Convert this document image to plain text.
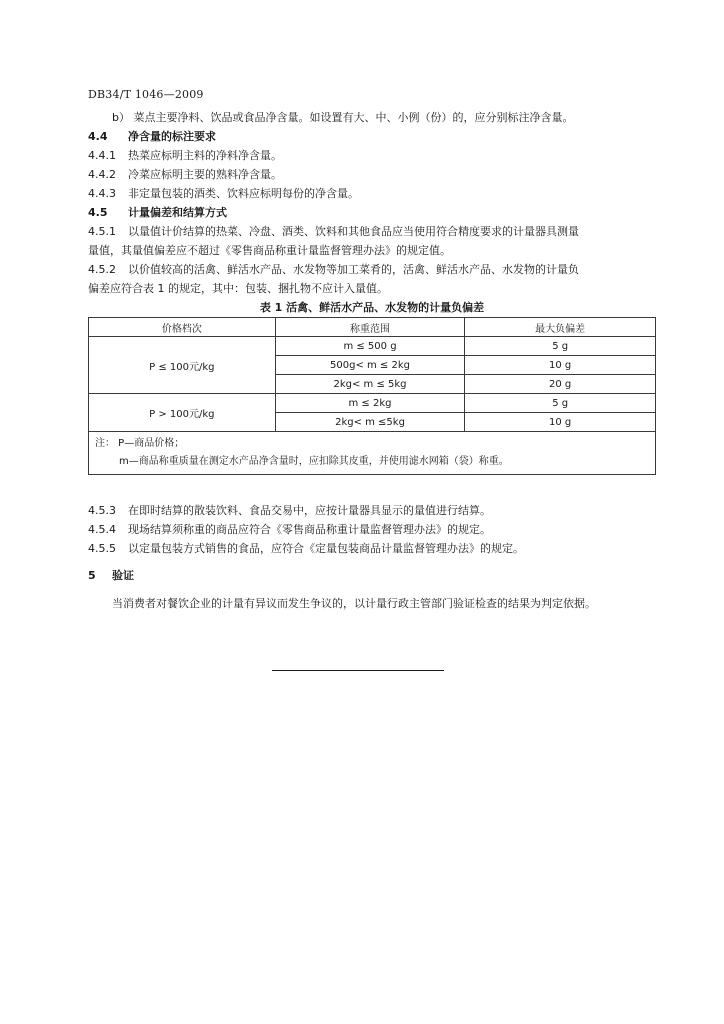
DB34/T 1046—2009
b） 菜点主要净料、饮品或食品净含量。如设置有大、中、小例（份）的，应分别标注净含量。
4.4 净含量的标注要求
4.4.1 热菜应标明主料的净料净含量。
4.4.2 冷菜应标明主要的熟料净含量。
4.4.3 非定量包装的酒类、饮料应标明每份的净含量。
4.5 计量偏差和结算方式
4.5.1 以量值计价结算的热菜、冷盘、酒类、饮料和其他食品应当使用符合精度要求的计量器具测量
量值，其量值偏差应不超过《零售商品称重计量监督管理办法》的规定值。
4.5.2 以价值较高的活禽、鲜活水产品、水发物等加工菜肴的，活禽、鲜活水产品、水发物的计量负
偏差应符合表 1 的规定，其中：包装、捆扎物不应计入量值。
表 1 活禽、鲜活水产品、水发物的计量负偏差
价格档次	称重范围	最大负偏差
P ≤ 100元/kg	m ≤ 500 g	5 g
	500g< m ≤ 2kg	10 g
	2kg< m ≤ 5kg	20 g
P > 100元/kg	m ≤ 2kg	5 g
	2kg< m ≤5kg	10 g

注： P—商品价格；
m—商品称重质量在测定水产品净含量时，应扣除其皮重，并使用滤水网箱（袋）称重。		
4.5.3 在即时结算的散装饮料、食品交易中，应按计量器具显示的量值进行结算。
4.5.4 现场结算须称重的商品应符合《零售商品称重计量监督管理办法》的规定。
4.5.5 以定量包装方式销售的食品，应符合《定量包装商品计量监督管理办法》的规定。
5 验证
当消费者对餐饮企业的计量有异议而发生争议的，以计量行政主管部门验证检查的结果为判定依据。
